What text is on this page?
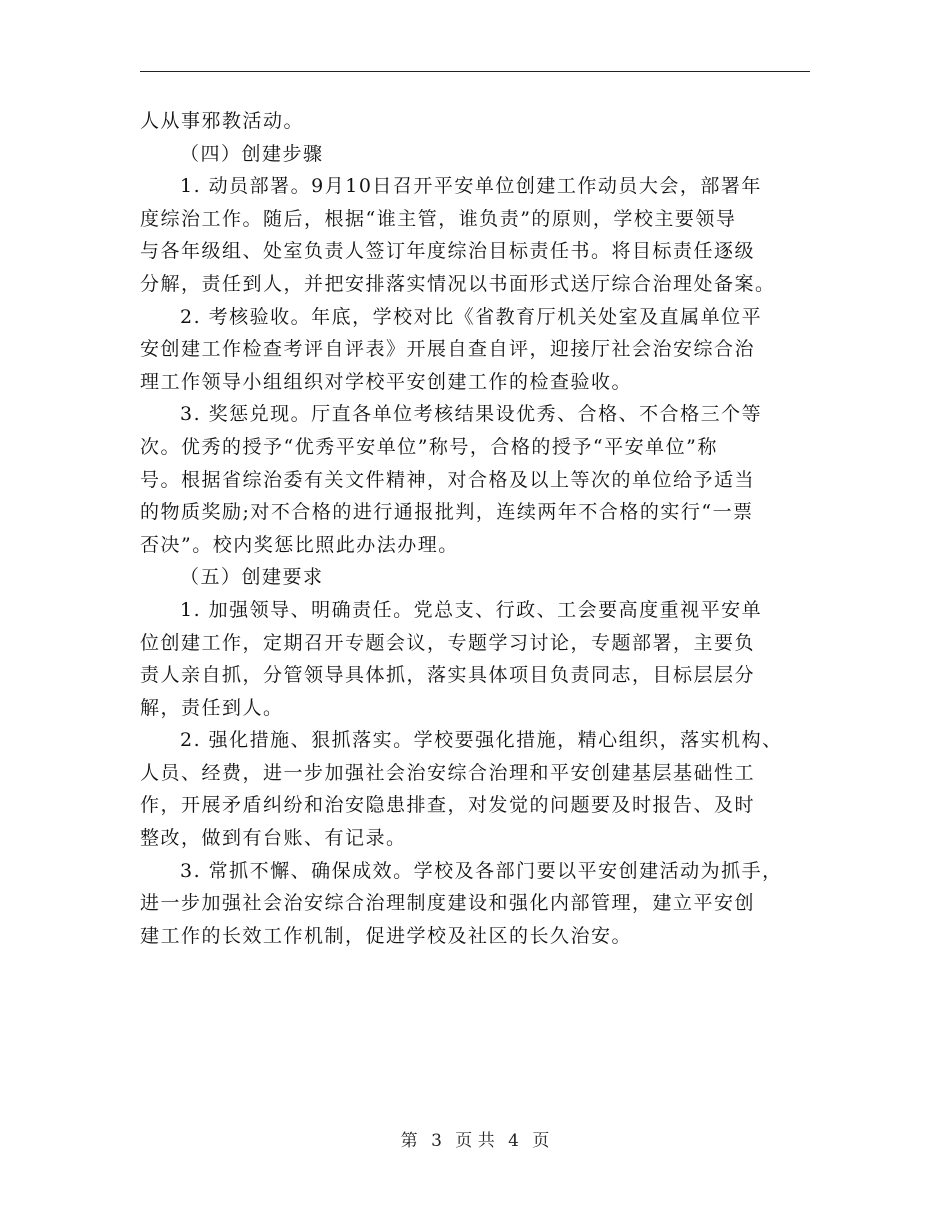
人从事邪教活动。
（四）创建步骤
1. 动员部署。9月10日召开平安单位创建工作动员大会，部署年
度综治工作。随后，根据“谁主管，谁负责”的原则，学校主要领导
与各年级组、处室负责人签订年度综治目标责任书。将目标责任逐级
分解，责任到人，并把安排落实情况以书面形式送厅综合治理处备案。
2. 考核验收。年底，学校对比《省教育厅机关处室及直属单位平
安创建工作检查考评自评表》开展自查自评，迎接厅社会治安综合治
理工作领导小组组织对学校平安创建工作的检查验收。
3. 奖惩兑现。厅直各单位考核结果设优秀、合格、不合格三个等
次。优秀的授予“优秀平安单位”称号，合格的授予“平安单位”称
号。根据省综治委有关文件精神，对合格及以上等次的单位给予适当
的物质奖励;对不合格的进行通报批判，连续两年不合格的实行“一票
否决”。校内奖惩比照此办法办理。
（五）创建要求
1. 加强领导、明确责任。党总支、行政、工会要高度重视平安单
位创建工作，定期召开专题会议，专题学习讨论，专题部署，主要负
责人亲自抓，分管领导具体抓，落实具体项目负责同志，目标层层分
解，责任到人。
2. 强化措施、狠抓落实。学校要强化措施，精心组织，落实机构、
人员、经费，进一步加强社会治安综合治理和平安创建基层基础性工
作，开展矛盾纠纷和治安隐患排查，对发觉的问题要及时报告、及时
整改，做到有台账、有记录。
3. 常抓不懈、确保成效。学校及各部门要以平安创建活动为抓手，
进一步加强社会治安综合治理制度建设和强化内部管理，建立平安创
建工作的长效工作机制，促进学校及社区的长久治安。
第 3 页 共 4 页
